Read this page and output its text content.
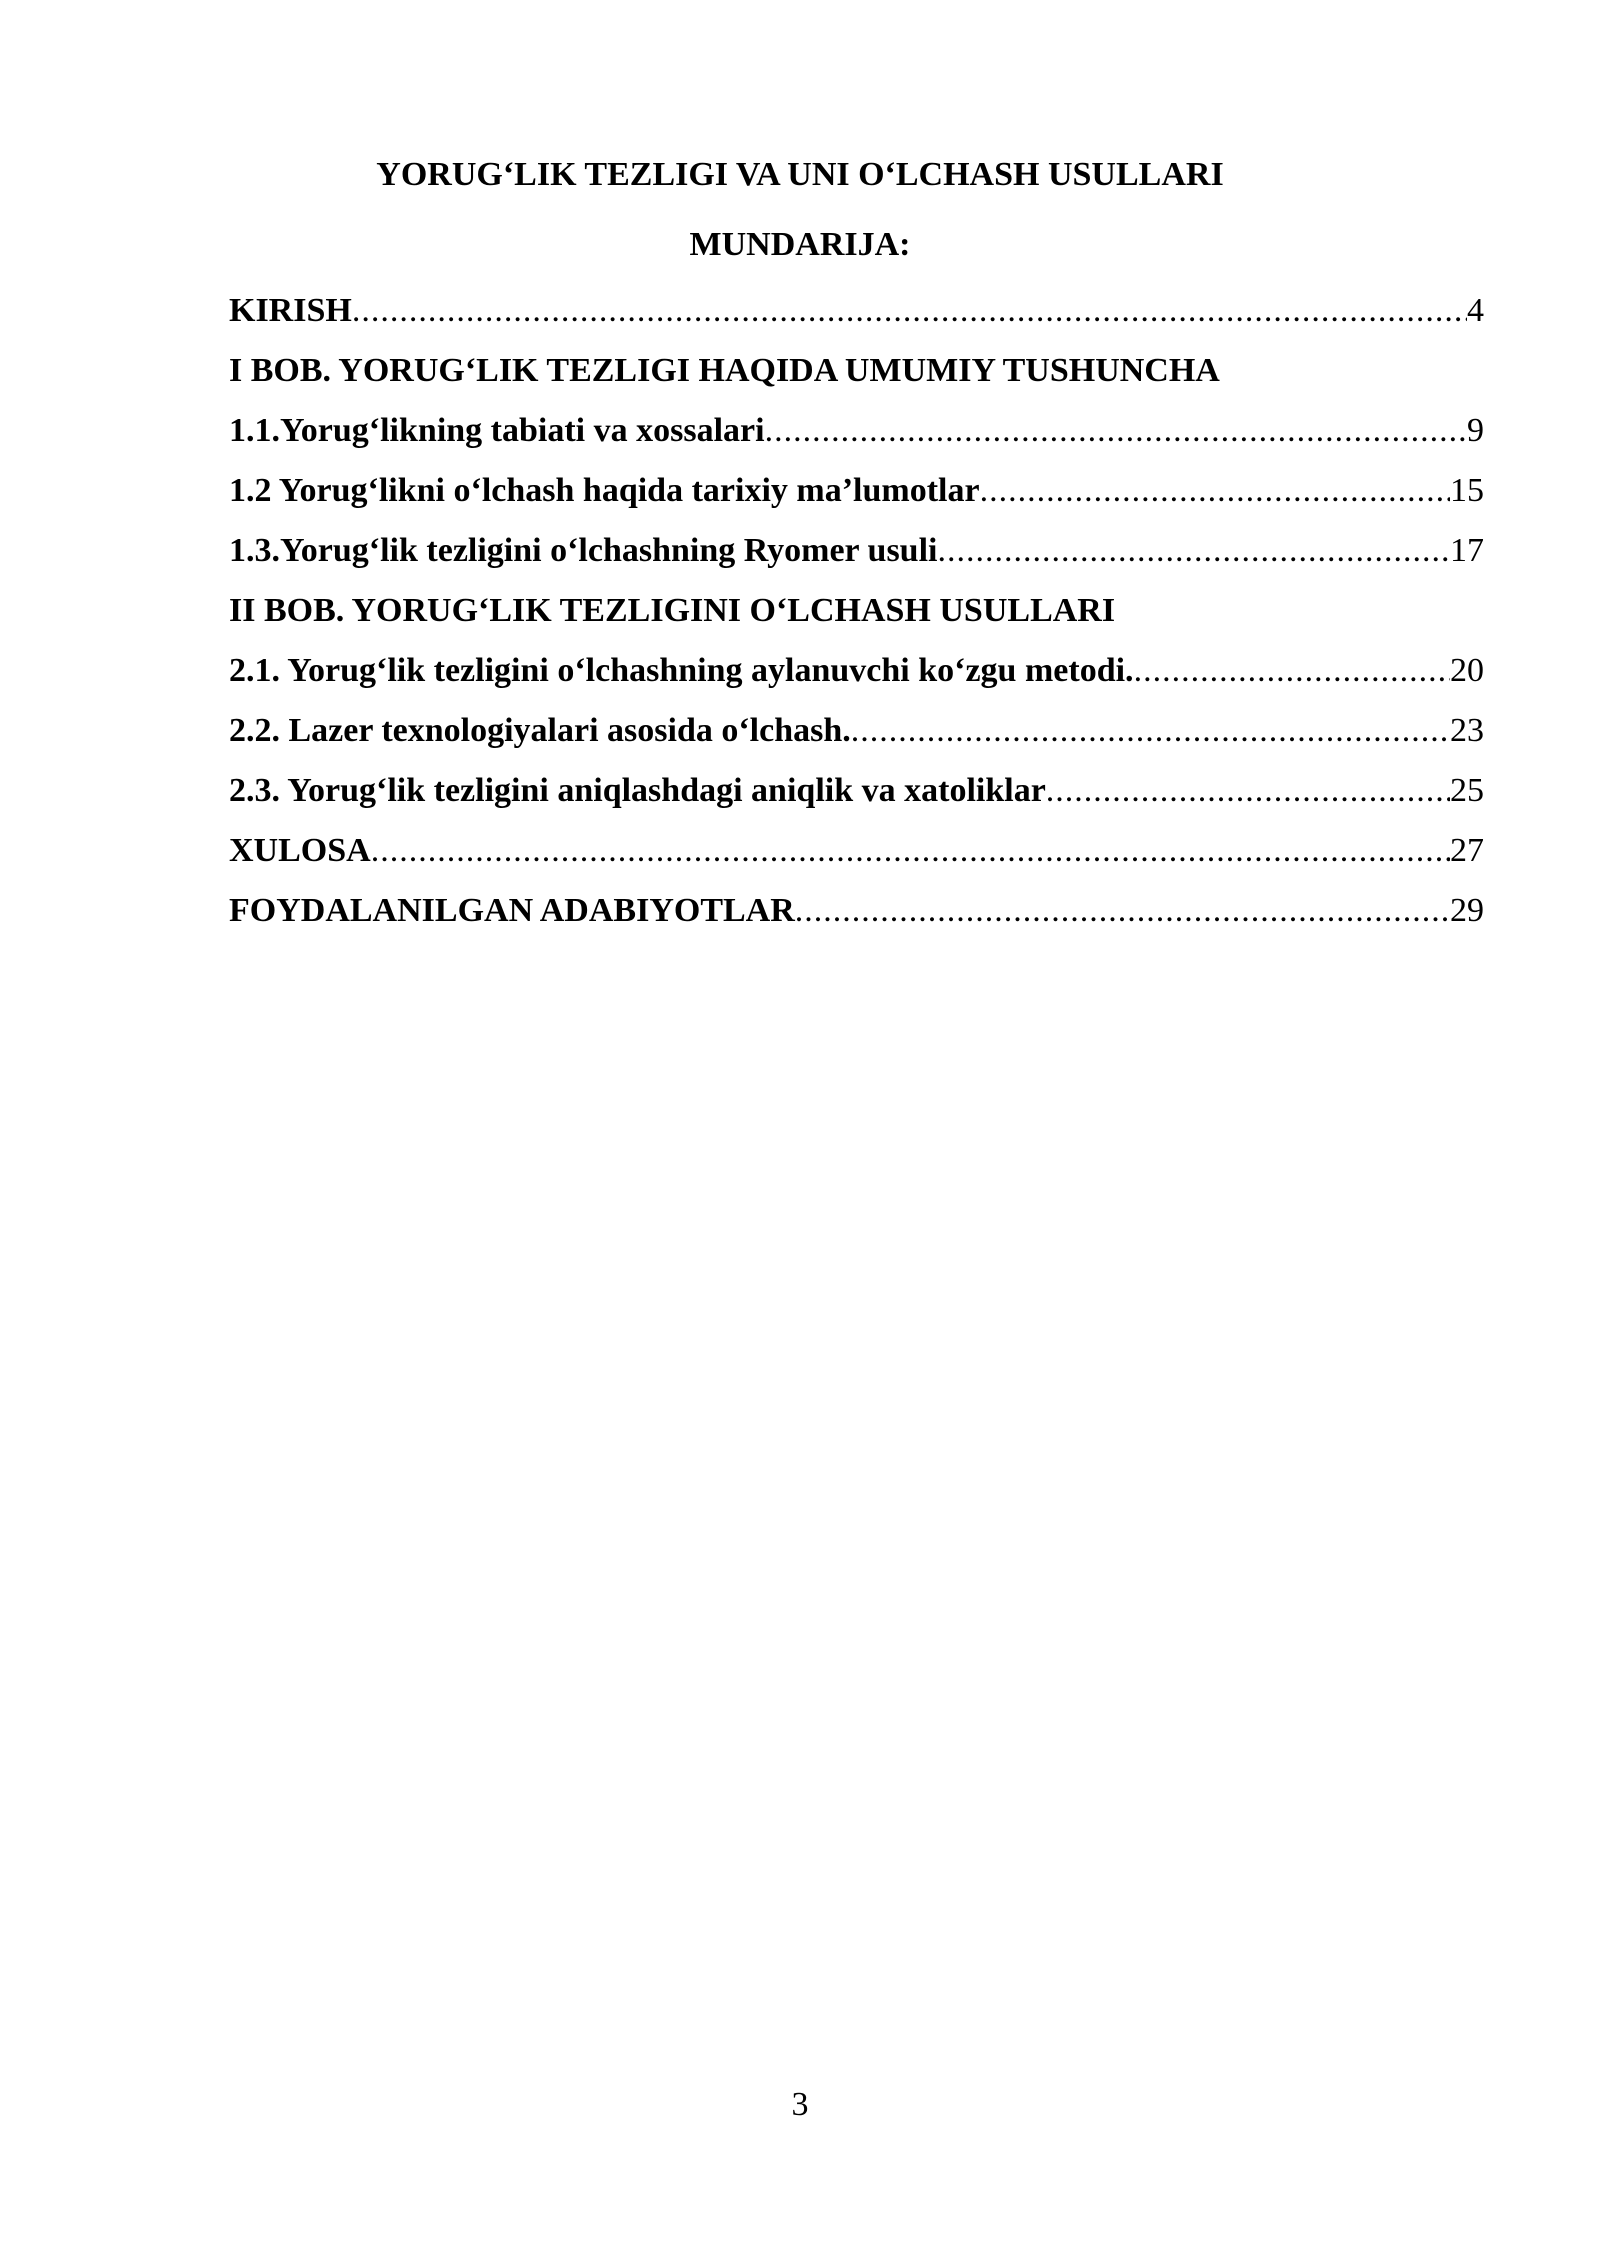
YORUG‘LIK TEZLIGI VA UNI O‘LCHASH USULLARI
MUNDARIJA:
KIRISH .....	4
I BOB. YORUG‘LIK TEZLIGI HAQIDA UMUMIY TUSHUNCHA
1.1.Yorug‘likning tabiati va xossalari .....	9
1.2 Yorug‘likni o‘lchash haqida tarixiy ma’lumotlar .....	15
1.3.Yorug‘lik tezligini o‘lchashning Ryomer usuli .....	17
II BOB. YORUG‘LIK TEZLIGINI O‘LCHASH USULLARI
2.1. Yorug‘lik tezligini o‘lchashning aylanuvchi ko‘zgu metodi. .....	20
2.2. Lazer texnologiyalari asosida o‘lchash. .....	23
2.3. Yorug‘lik tezligini aniqlashdagi aniqlik va xatoliklar .....	25
XULOSA .....	27
FOYDALANILGAN ADABIYOTLAR .....	29
3
